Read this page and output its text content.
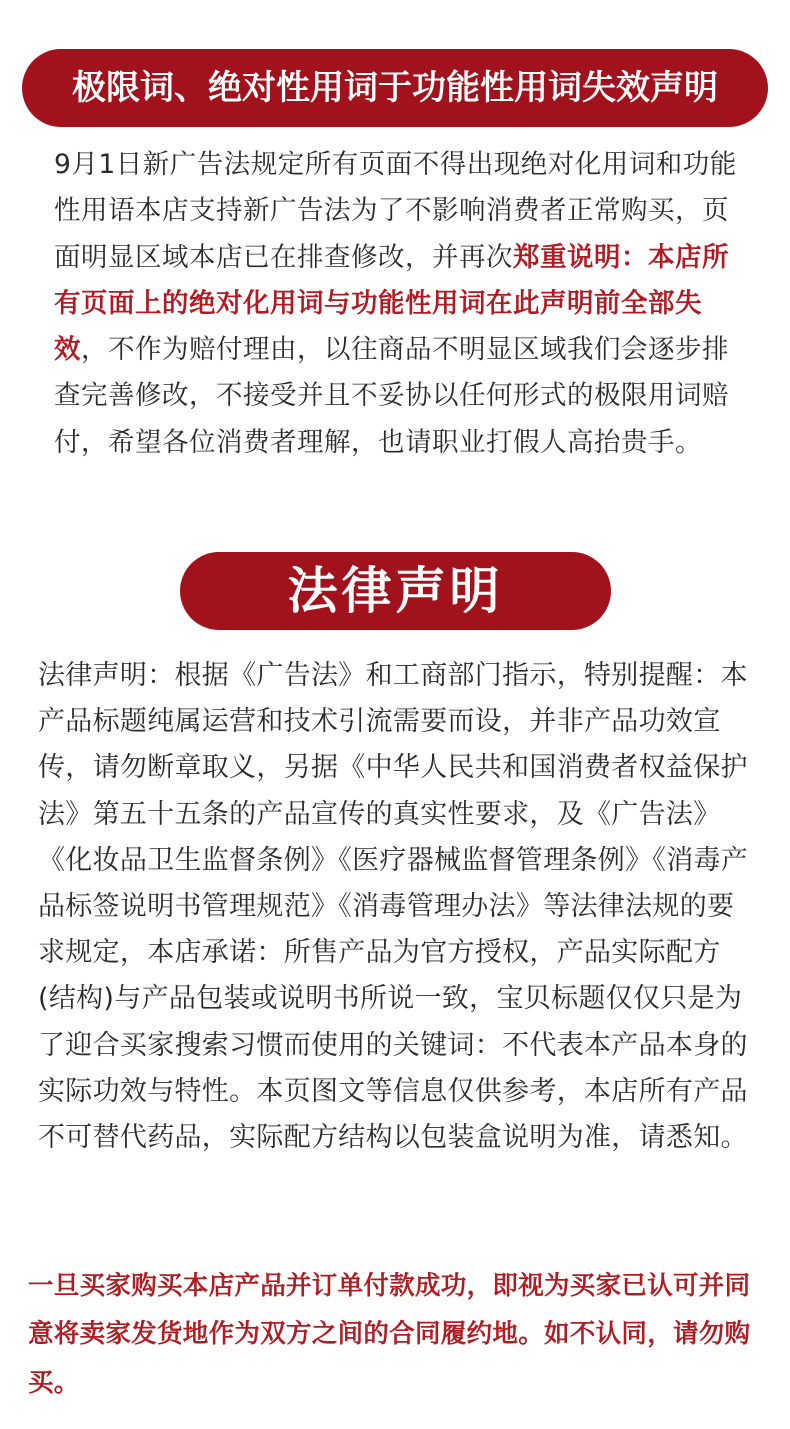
极限词、绝对性用词于功能性用词失效声明
9月1日新广告法规定所有页面不得出现绝对化用词和功能性用语本店支持新广告法为了不影响消费者正常购买，页面明显区域本店已在排查修改，并再次郑重说明：本店所有页面上的绝对化用词与功能性用词在此声明前全部失效，不作为赔付理由，以往商品不明显区域我们会逐步排查完善修改，不接受并且不妥协以任何形式的极限用词赔付，希望各位消费者理解，也请职业打假人高抬贵手。
法律声明
法律声明：根据《广告法》和工商部门指示，特别提醒：本产品标题纯属运营和技术引流需要而设，并非产品功效宣传，请勿断章取义，另据《中华人民共和国消费者权益保护法》第五十五条的产品宣传的真实性要求，及《广告法》《化妆品卫生监督条例》《医疗器械监督管理条例》《消毒产品标签说明书管理规范》《消毒管理办法》等法律法规的要求规定，本店承诺：所售产品为官方授权，产品实际配方(结构)与产品包装或说明书所说一致，宝贝标题仅仅只是为了迎合买家搜索习惯而使用的关键词：不代表本产品本身的实际功效与特性。本页图文等信息仅供参考，本店所有产品不可替代药品，实际配方结构以包装盒说明为准，请悉知。
一旦买家购买本店产品并订单付款成功，即视为买家已认可并同意将卖家发货地作为双方之间的合同履约地。如不认同，请勿购买。
